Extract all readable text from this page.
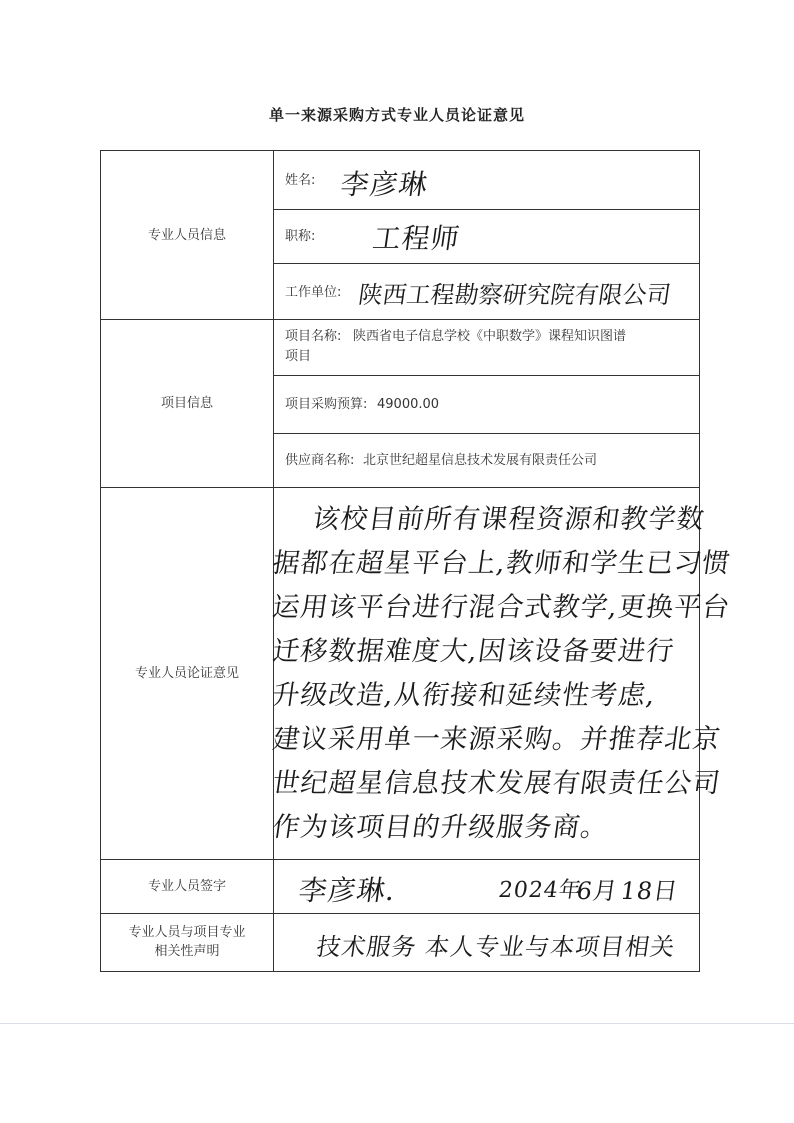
单一来源采购方式专业人员论证意见
专业人员信息
项目信息
专业人员论证意见
专业人员签字
专业人员与项目专业
相关性声明
姓名: 李彦琳
职称: 工程师
工作单位: 陕西工程勘察研究院有限公司
项目名称: 陕西省电子信息学校《中职数学》课程知识图谱
项目
项目采购预算: 49000.00
供应商名称: 北京世纪超星信息技术发展有限责任公司
该校目前所有课程资源和教学数
据都在超星平台上,教师和学生已习惯
运用该平台进行混合式教学,更换平台
迁移数据难度大,因该设备要进行
升级改造,从衔接和延续性考虑,
建议采用单一来源采购。并推荐北京
世纪超星信息技术发展有限责任公司
作为该项目的升级服务商。
李彦琳.	2024年
6月
18日
技术服务 本人专业与本项目相关
